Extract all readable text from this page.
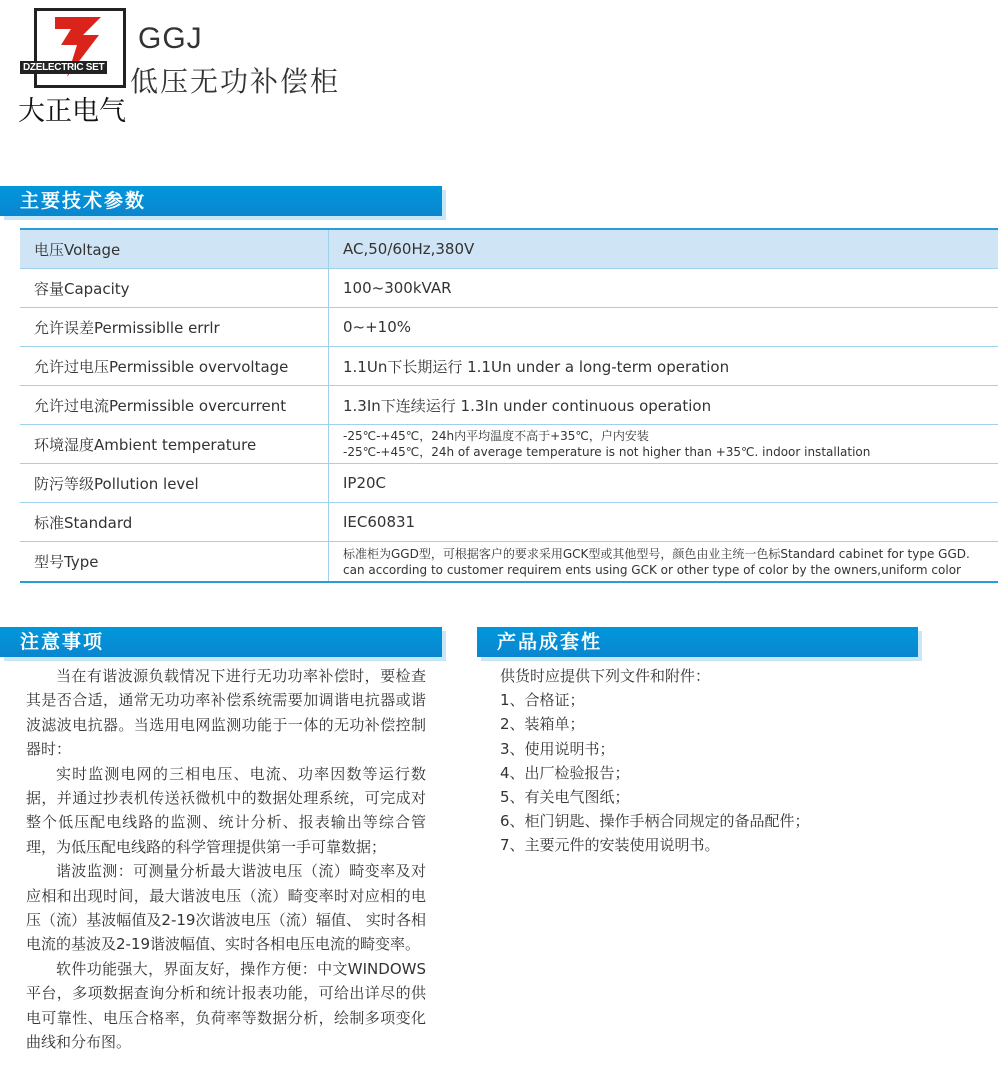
DZELECTRIC SET
大正电气
GGJ
低压无功补偿柜
主要技术参数
电压Voltage	AC,50/60Hz,380V
容量Capacity	100~300kVAR
允许误差Permissiblle errlr	0~+10%
允许过电压Permissible overvoltage	1.1Un下长期运行 1.1Un under a long-term operation
允许过电流Permissible overcurrent	1.3In下连续运行 1.3In under continuous operation
环境湿度Ambient temperature	-25℃-+45℃，24h内平均温度不高于+35℃，户内安装
-25℃-+45℃，24h of average temperature is not higher than +35℃. indoor installation
防污等级Pollution level	IP20C
标准Standard	IEC60831
型号Type	标准柜为GGD型，可根据客户的要求采用GCK型或其他型号，颜色由业主统一色标Standard cabinet for type GGD.
can according to customer requirem ents using GCK or other type of color by the owners,uniform color
注意事项	产品成套性

当在有谐波源负载情况下进行无功功率补偿时，要检查其是否合适，通常无功功率补偿系统需要加调谐电抗器或谐波滤波电抗器。当选用电网监测功能于一体的无功补偿控制器时：

实时监测电网的三相电压、电流、功率因数等运行数据，并通过抄表机传送袄微机中的数据处理系统，可完成对整个低压配电线路的监测、统计分析、报表输出等综合管理，为低压配电线路的科学管理提供第一手可靠数据；

谐波监测：可测量分析最大谐波电压（流）畸变率及对应相和出现时间，最大谐波电压（流）畸变率时对应相的电压（流）基波幅值及2-19次谐波电压（流）辐值、 实时各相电流的基波及2-19谐波幅值、实时各相电压电流的畸变率。

软件功能强大，界面友好，操作方便：中文WINDOWS平台，多项数据查询分析和统计报表功能，可给出详尽的供电可靠性、电压合格率，负荷率等数据分析，绘制多项变化曲线和分布图。

供货时应提供下列文件和附件：
1、合格证；
2、装箱单；
3、使用说明书；
4、出厂检验报告；
5、有关电气图纸；
6、柜门钥匙、操作手柄合同规定的备品配件；
7、主要元件的安装使用说明书。
